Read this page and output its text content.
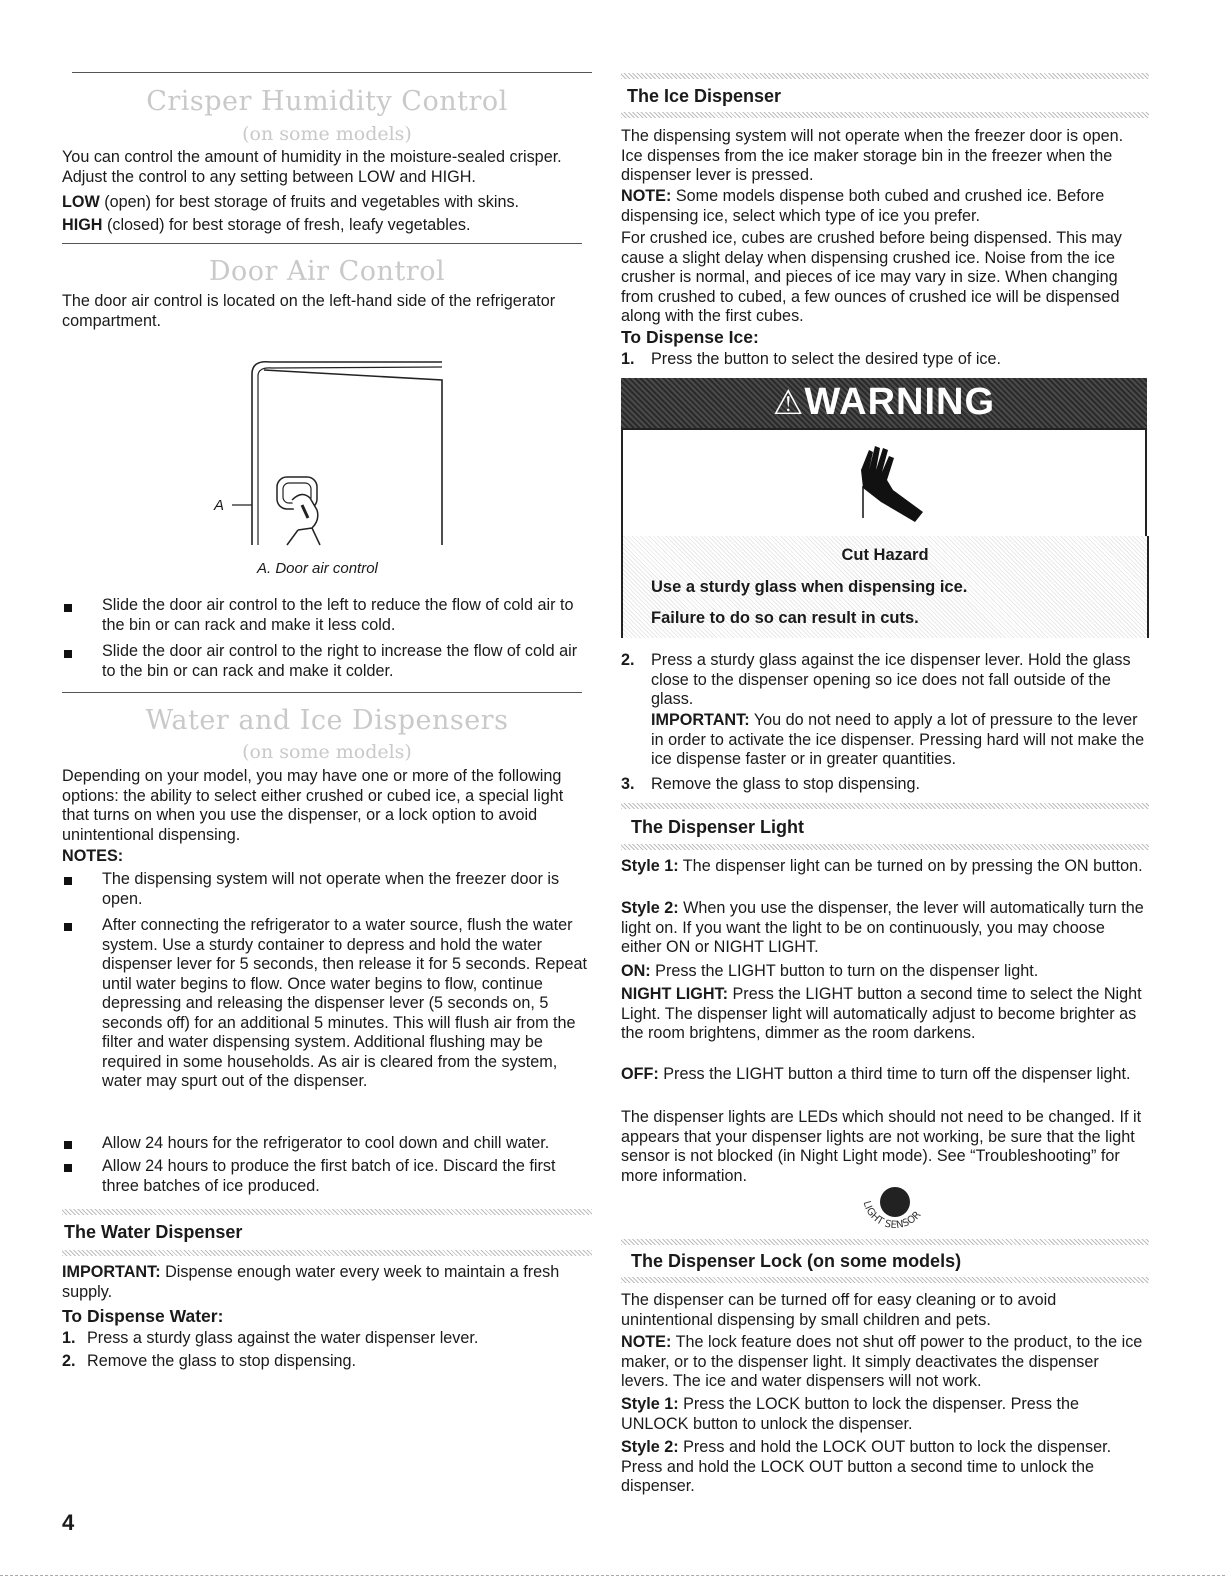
Crisper Humidity Control
(on some models)

You can control the amount of humidity in the moisture-sealed crisper. Adjust the control to any setting between LOW and HIGH.

LOW (open) for best storage of fruits and vegetables with skins.

HIGH (closed) for best storage of fresh, leafy vegetables.

Door Air Control

The door air control is located on the left-hand side of the refrigerator compartment.

A
A. Door air control

Slide the door air control to the left to reduce the flow of cold air to the bin or can rack and make it less cold.

Slide the door air control to the right to increase the flow of cold air to the bin or can rack and make it colder.

Water and Ice Dispensers
(on some models)

Depending on your model, you may have one or more of the following options: the ability to select either crushed or cubed ice, a special light that turns on when you use the dispenser, or a lock option to avoid unintentional dispensing.

NOTES:

The dispensing system will not operate when the freezer door is open.

After connecting the refrigerator to a water source, flush the water system. Use a sturdy container to depress and hold the water dispenser lever for 5 seconds, then release it for 5 seconds. Repeat until water begins to flow. Once water begins to flow, continue depressing and releasing the dispenser lever (5 seconds on, 5 seconds off) for an additional 5 minutes. This will flush air from the filter and water dispensing system. Additional flushing may be required in some households. As air is cleared from the system, water may spurt out of the dispenser.

Allow 24 hours for the refrigerator to cool down and chill water.

Allow 24 hours to produce the first batch of ice. Discard the first three batches of ice produced.

The Water Dispenser

IMPORTANT: Dispense enough water every week to maintain a fresh supply.

To Dispense Water:
1. Press a sturdy glass against the water dispenser lever.

2. Remove the glass to stop dispensing.

4
The Ice Dispenser

The dispensing system will not operate when the freezer door is open. Ice dispenses from the ice maker storage bin in the freezer when the dispenser lever is pressed.

NOTE: Some models dispense both cubed and crushed ice. Before dispensing ice, select which type of ice you prefer.

For crushed ice, cubes are crushed before being dispensed. This may cause a slight delay when dispensing crushed ice. Noise from the ice crusher is normal, and pieces of ice may vary in size. When changing from crushed to cubed, a few ounces of crushed ice will be dispensed along with the first cubes.

To Dispense Ice:
1. Press the button to select the desired type of ice.

⚠WARNING
Cut Hazard
Use a sturdy glass when dispensing ice.
Failure to do so can result in cuts.
2. Press a sturdy glass against the ice dispenser lever. Hold the glass close to the dispenser opening so ice does not fall outside of the glass.

IMPORTANT: You do not need to apply a lot of pressure to the lever in order to activate the ice dispenser. Pressing hard will not make the ice dispense faster or in greater quantities.

3. Remove the glass to stop dispensing.

The Dispenser Light

Style 1: The dispenser light can be turned on by pressing the ON button.

Style 2: When you use the dispenser, the lever will automatically turn the light on. If you want the light to be on continuously, you may choose either ON or NIGHT LIGHT.

ON: Press the LIGHT button to turn on the dispenser light.

NIGHT LIGHT: Press the LIGHT button a second time to select the Night Light. The dispenser light will automatically adjust to become brighter as the room brightens, dimmer as the room darkens.

OFF: Press the LIGHT button a third time to turn off the dispenser light.

The dispenser lights are LEDs which should not need to be changed. If it appears that your dispenser lights are not working, be sure that the light sensor is not blocked (in Night Light mode). See “Troubleshooting” for more information.

LIGHT SENSOR
The Dispenser Lock (on some models)

The dispenser can be turned off for easy cleaning or to avoid unintentional dispensing by small children and pets.

NOTE: The lock feature does not shut off power to the product, to the ice maker, or to the dispenser light. It simply deactivates the dispenser levers. The ice and water dispensers will not work.

Style 1: Press the LOCK button to lock the dispenser. Press the UNLOCK button to unlock the dispenser.

Style 2: Press and hold the LOCK OUT button to lock the dispenser. Press and hold the LOCK OUT button a second time to unlock the dispenser.
